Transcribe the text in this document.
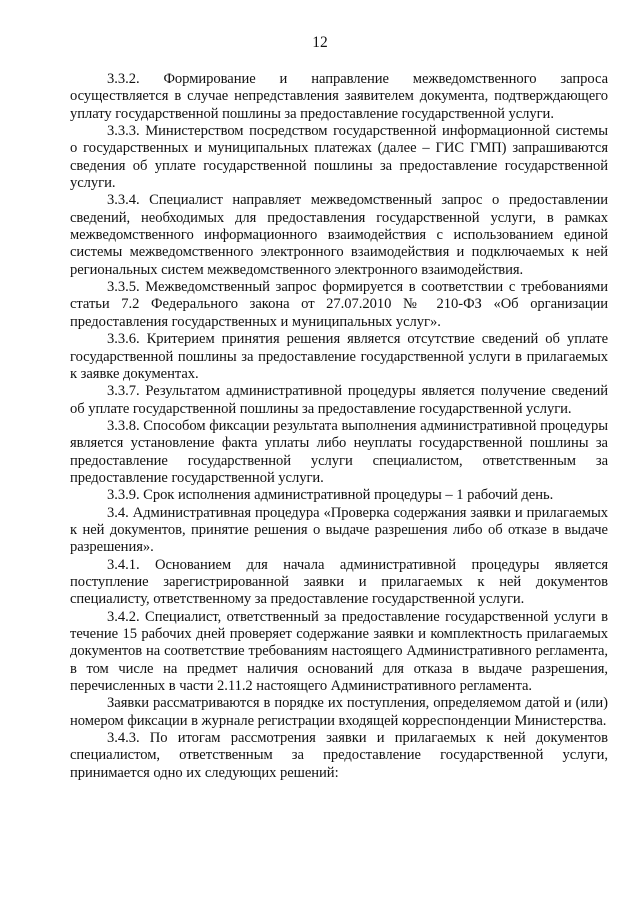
12

3.3.2. Формирование и направление межведомственного запроса осуществляется в случае непредставления заявителем документа, подтверждающего уплату государственной пошлины за предоставление государственной услуги.

3.3.3. Министерством посредством государственной информационной системы о государственных и муниципальных платежах (далее – ГИС ГМП) запрашиваются сведения об уплате государственной пошлины за предоставление государственной услуги.

3.3.4. Специалист направляет межведомственный запрос о предоставлении сведений, необходимых для предоставления государственной услуги, в рамках межведомственного информационного взаимодействия с использованием единой системы межведомственного электронного взаимодействия и подключаемых к ней региональных систем межведомственного электронного взаимодействия.

3.3.5. Межведомственный запрос формируется в соответствии с требованиями статьи 7.2 Федерального закона от 27.07.2010 № 210-ФЗ «Об организации предоставления государственных и муниципальных услуг».

3.3.6. Критерием принятия решения является отсутствие сведений об уплате государственной пошлины за предоставление государственной услуги в прилагаемых к заявке документах.

3.3.7. Результатом административной процедуры является получение сведений об уплате государственной пошлины за предоставление государственной услуги.

3.3.8. Способом фиксации результата выполнения административной процедуры является установление факта уплаты либо неуплаты государственной пошлины за предоставление государственной услуги специалистом, ответственным за предоставление государственной услуги.

3.3.9. Срок исполнения административной процедуры – 1 рабочий день.

3.4. Административная процедура «Проверка содержания заявки и прилагаемых к ней документов, принятие решения о выдаче разрешения либо об отказе в выдаче разрешения».

3.4.1. Основанием для начала административной процедуры является поступление зарегистрированной заявки и прилагаемых к ней документов специалисту, ответственному за предоставление государственной услуги.

3.4.2. Специалист, ответственный за предоставление государственной услуги в течение 15 рабочих дней проверяет содержание заявки и комплектность прилагаемых документов на соответствие требованиям настоящего Административного регламента, в том числе на предмет наличия оснований для отказа в выдаче разрешения, перечисленных в части 2.11.2 настоящего Административного регламента.

Заявки рассматриваются в порядке их поступления, определяемом датой и (или) номером фиксации в журнале регистрации входящей корреспонденции Министерства.

3.4.3. По итогам рассмотрения заявки и прилагаемых к ней документов специалистом, ответственным за предоставление государственной услуги, принимается одно их следующих решений:
